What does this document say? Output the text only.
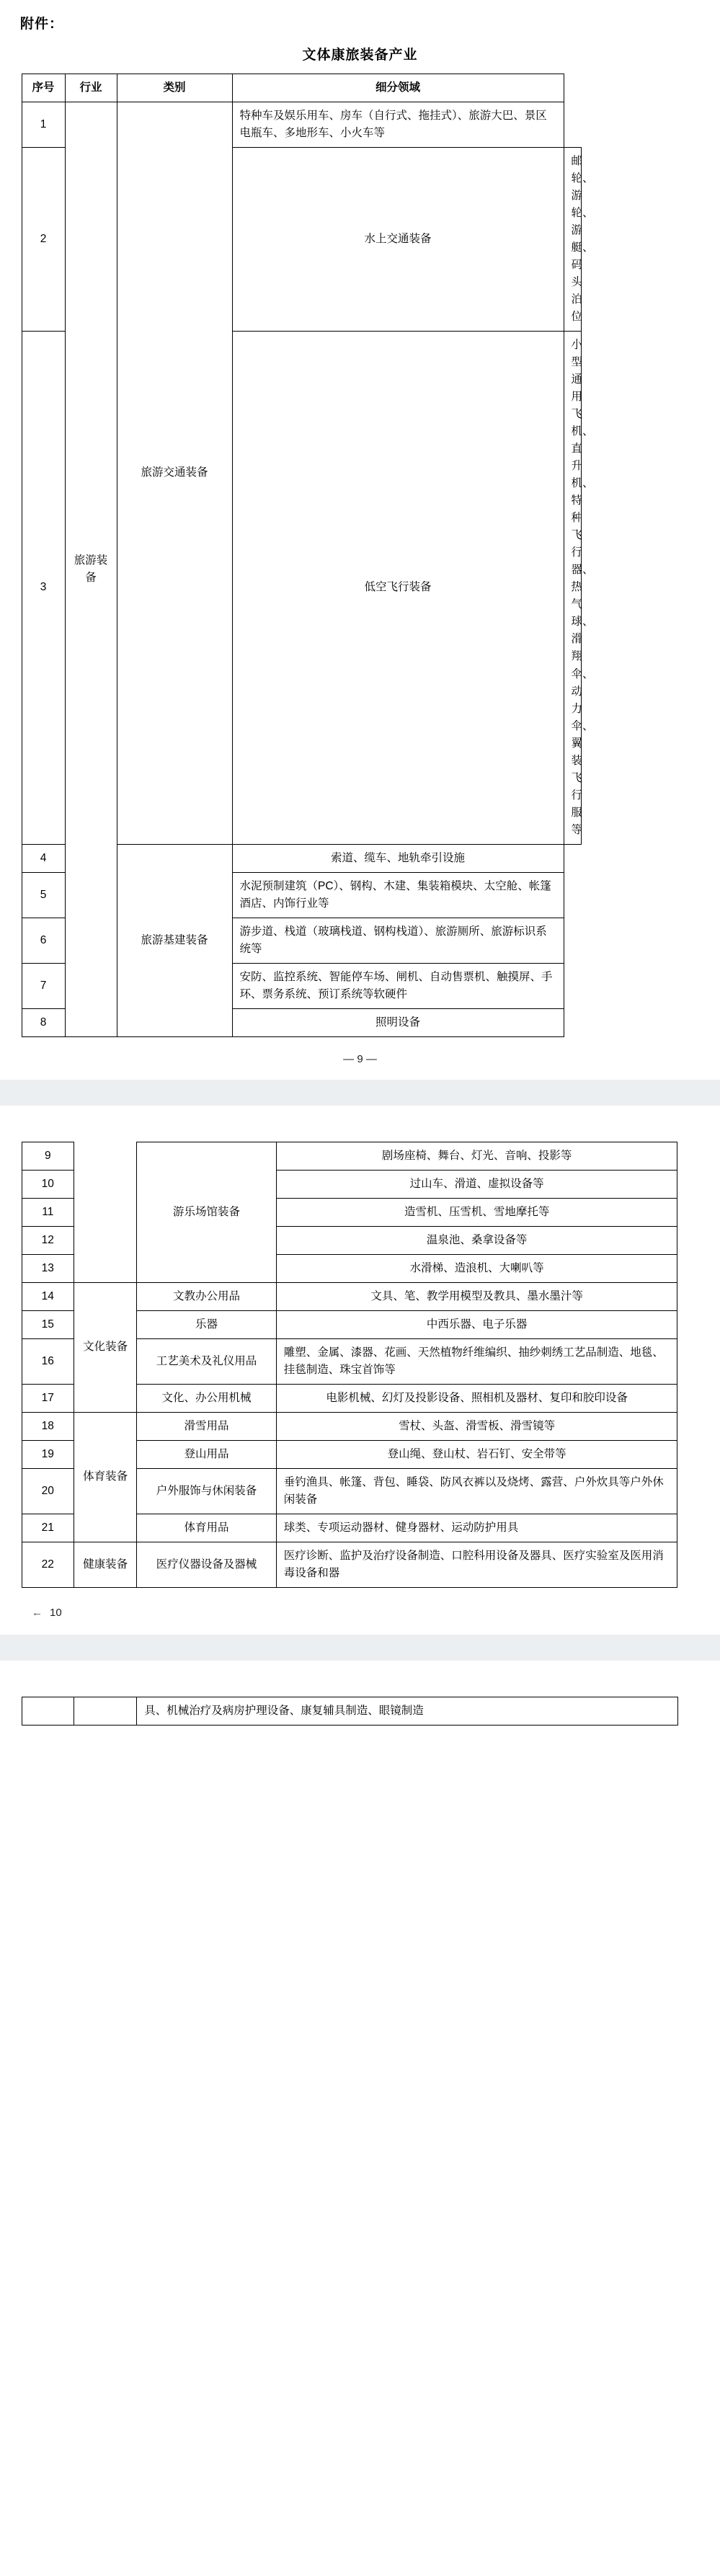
附件：
文体康旅装备产业
序号	行业	类别	细分领域		
1	旅游装备	旅游交通装备	特种车及娱乐用车、房车（自行式、拖挂式）、旅游大巴、景区电瓶车、多地形车、小火车等		
2			水上交通装备	邮轮、游轮、游艇、码头泊位	
3			低空飞行装备	小型通用飞机、直升机、特种飞行器、热气球、滑翔伞、动力伞、翼装飞行服等	
4		旅游基建装备	索道、缆车、地轨牵引设施		
5			水泥预制建筑（PC）、钢构、木建、集装箱模块、太空舱、帐篷酒店、内饰行业等		
6			游步道、栈道（玻璃栈道、钢构栈道）、旅游厕所、旅游标识系统等		
7			安防、监控系统、智能停车场、闸机、自动售票机、触摸屏、手环、票务系统、预订系统等软硬件		
8			照明设备		
— 9 —
9		游乐场馆装备	剧场座椅、舞台、灯光、音响、投影等	
10			过山车、滑道、虚拟设备等	
11			造雪机、压雪机、雪地摩托等	
12			温泉池、桑拿设备等	
13			水滑梯、造浪机、大喇叭等	
14	文化装备	文教办公用品	文具、笔、教学用模型及教具、墨水墨汁等	
15		乐器	中西乐器、电子乐器	
16		工艺美术及礼仪用品	雕塑、金属、漆器、花画、天然植物纤维编织、抽纱刺绣工艺品制造、地毯、挂毯制造、珠宝首饰等	
17		文化、办公用机械	电影机械、幻灯及投影设备、照相机及器材、复印和胶印设备	
18	体育装备	滑雪用品	雪杖、头盔、滑雪板、滑雪镜等	
19		登山用品	登山绳、登山杖、岩石钉、安全带等	
20		户外服饰与休闲装备	垂钓渔具、帐篷、背包、睡袋、防风衣裤以及烧烤、露营、户外炊具等户外休闲装备	
21		体育用品	球类、专项运动器材、健身器材、运动防护用具	
22	健康装备	医疗仪器设备及器械	医疗诊断、监护及治疗设备制造、口腔科用设备及器具、医疗实验室及医用消毒设备和器	
← 10
		具、机械治疗及病房护理设备、康复辅具制造、眼镜制造	
